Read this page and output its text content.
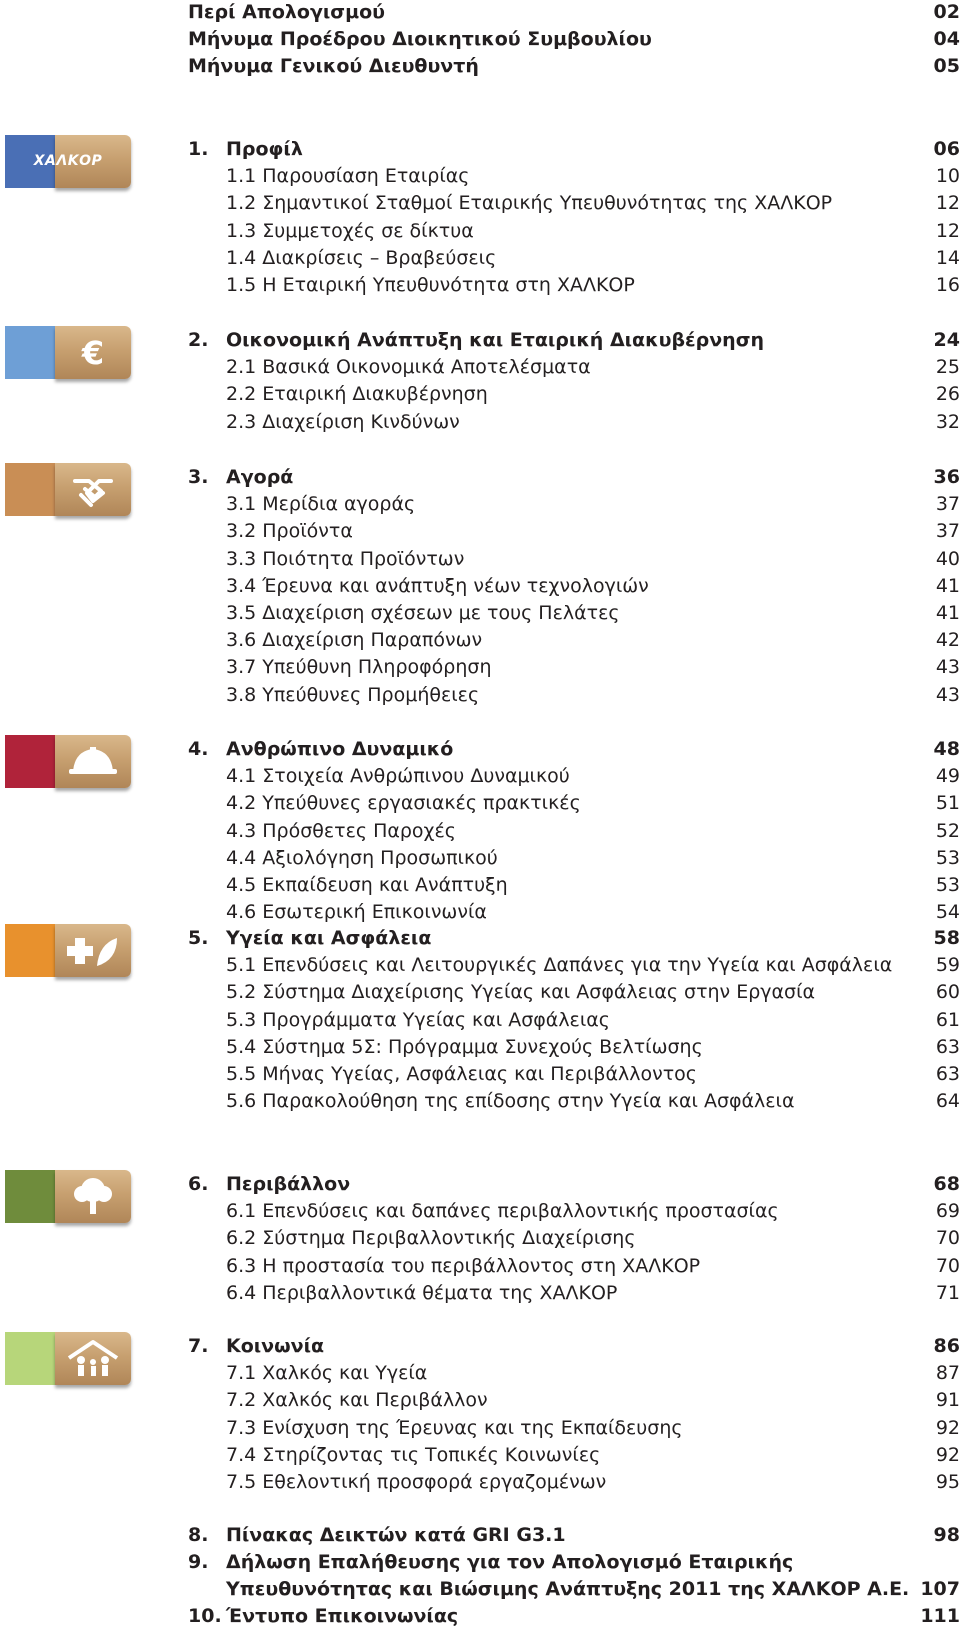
Περί Απολογισμού	02
Μήνυμα Προέδρου Διοικητικού Συμβουλίου	04
Μήνυμα Γενικού Διευθυντή	05
ΧΑΛΚΟΡ
€
1. Προφίλ	06
1.1 Παρουσίαση Εταιρίας	10
1.2 Σημαντικοί Σταθμοί Εταιρικής Υπευθυνότητας της ΧΑΛΚΟΡ	12
1.3 Συμμετοχές σε δίκτυα	12
1.4 Διακρίσεις – Βραβεύσεις	14
1.5 Η Εταιρική Υπευθυνότητα στη ΧΑΛΚΟΡ	16
2. Οικονομική Ανάπτυξη και Εταιρική Διακυβέρνηση	24
2.1 Βασικά Οικονομικά Αποτελέσματα	25
2.2 Εταιρική Διακυβέρνηση	26
2.3 Διαχείριση Κινδύνων	32
3. Αγορά	36
3.1 Μερίδια αγοράς	37
3.2 Προϊόντα	37
3.3 Ποιότητα Προϊόντων	40
3.4 Έρευνα και ανάπτυξη νέων τεχνολογιών	41
3.5 Διαχείριση σχέσεων με τους Πελάτες	41
3.6 Διαχείριση Παραπόνων	42
3.7 Υπεύθυνη Πληροφόρηση	43
3.8 Υπεύθυνες Προμήθειες	43
4. Ανθρώπινο Δυναμικό	48
4.1 Στοιχεία Ανθρώπινου Δυναμικού	49
4.2 Υπεύθυνες εργασιακές πρακτικές	51
4.3 Πρόσθετες Παροχές	52
4.4 Αξιολόγηση Προσωπικού	53
4.5 Εκπαίδευση και Ανάπτυξη	53
4.6 Εσωτερική Επικοινωνία	54
5. Υγεία και Ασφάλεια	58
5.1 Επενδύσεις και Λειτουργικές Δαπάνες για την Υγεία και Ασφάλεια 59
5.2 Σύστημα Διαχείρισης Υγείας και Ασφάλειας στην Εργασία	60
5.3 Προγράμματα Υγείας και Ασφάλειας	61
5.4 Σύστημα 5Σ: Πρόγραμμα Συνεχούς Βελτίωσης	63
5.5 Μήνας Υγείας, Ασφάλειας και Περιβάλλοντος	63
5.6 Παρακολούθηση της επίδοσης στην Υγεία και Ασφάλεια	64
6. Περιβάλλον	68
6.1 Επενδύσεις και δαπάνες περιβαλλοντικής προστασίας	69
6.2 Σύστημα Περιβαλλοντικής Διαχείρισης	70
6.3 Η προστασία του περιβάλλοντος στη ΧΑΛΚΟΡ	70
6.4 Περιβαλλοντικά θέματα της ΧΑΛΚΟΡ	71
7. Κοινωνία	86
7.1 Χαλκός και Υγεία	87
7.2 Χαλκός και Περιβάλλον	91
7.3 Ενίσχυση της Έρευνας και της Εκπαίδευσης	92
7.4 Στηρίζοντας τις Τοπικές Κοινωνίες	92
7.5 Εθελοντική προσφορά εργαζομένων	95
8. Πίνακας Δεικτών κατά GRI G3.1	98
9. Δήλωση Επαλήθευσης για τον Απολογισμό Εταιρικής
Υπευθυνότητας και Βιώσιμης Ανάπτυξης 2011 της ΧΑΛΚΟΡ Α.Ε. 107
10. Έντυπο Επικοινωνίας	111
